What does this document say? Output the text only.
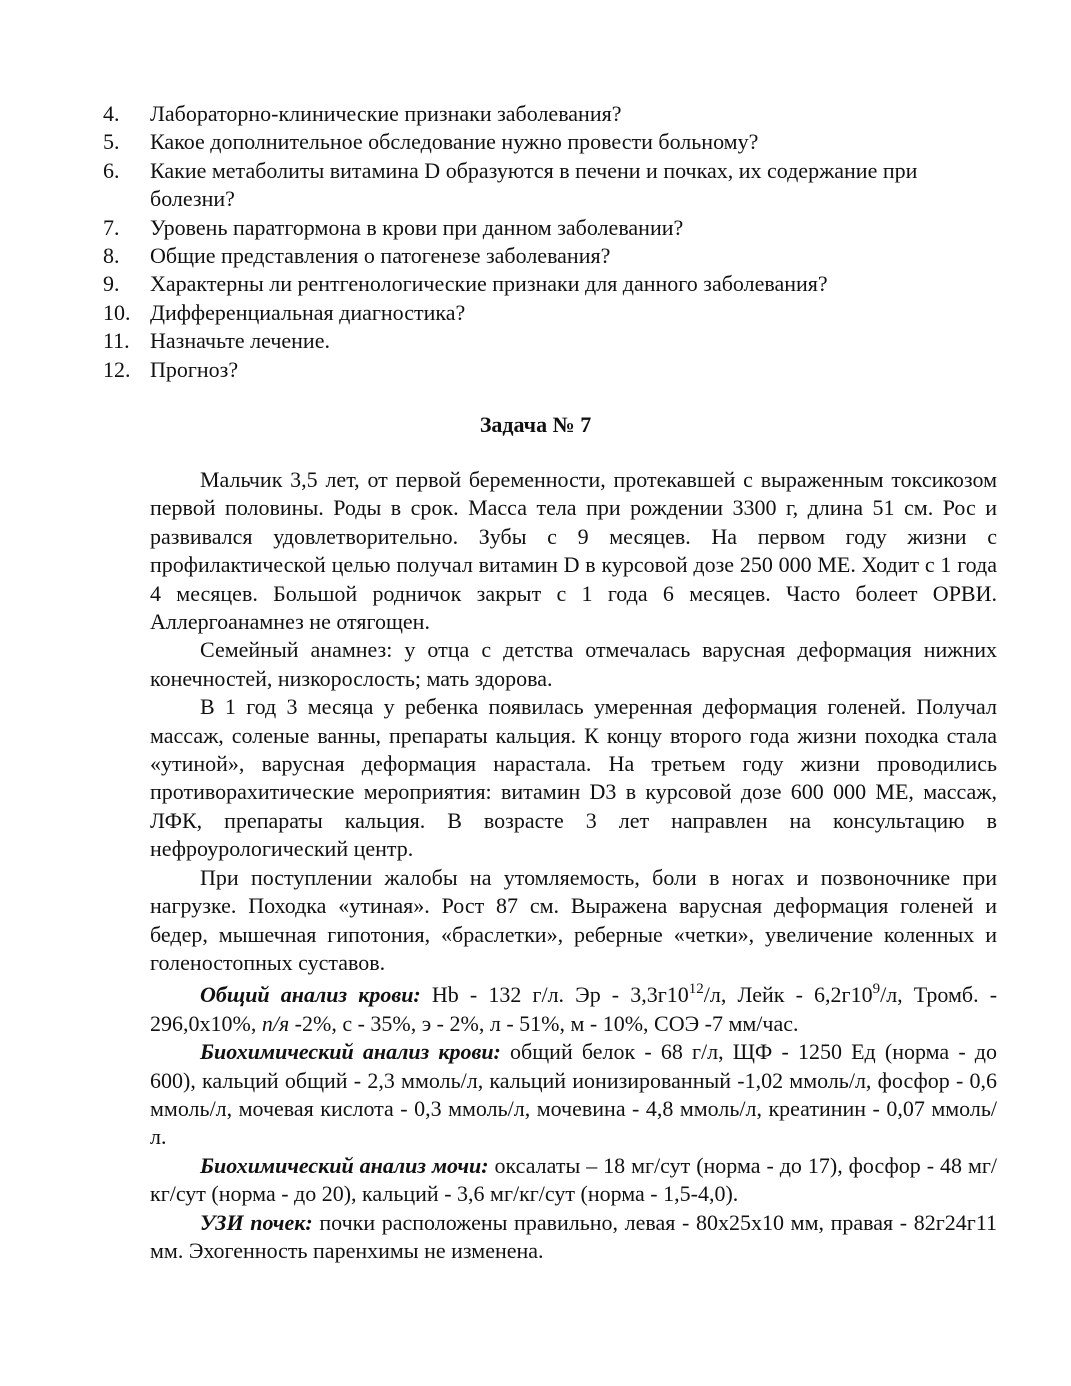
4.	Лабораторно-клинические признаки заболевания?
5.	Какое дополнительное обследование нужно провести больному?
6.	Какие метаболиты витамина D образуются в печени и почках, их содержание при болезни?
7.	Уровень паратгормона в крови при данном заболевании?
8.	Общие представления о патогенезе заболевания?
9.	Характерны ли рентгенологические признаки для данного заболевания?
10. Дифференциальная диагностика?
11. Назначьте лечение.
12. Прогноз?
Задача № 7

Мальчик 3,5 лет, от первой беременности, протекавшей с выраженным токсикозом первой половины. Роды в срок. Масса тела при рождении 3300 г, длина 51 см. Рос и развивался удовлетворительно. Зубы с 9 месяцев. На первом году жизни с профилактической целью получал витамин D в курсовой дозе 250 000 МЕ. Ходит с 1 года 4 месяцев. Большой родничок закрыт с 1 года 6 месяцев. Часто болеет ОРВИ. Аллергоанамнез не отягощен.

Семейный анамнез: у отца с детства отмечалась варусная деформация нижних конечностей, низкорослость; мать здорова.

В 1 год 3 месяца у ребенка появилась умеренная деформация голеней. Получал массаж, соленые ванны, препараты кальция. К концу второго года жизни походка стала «утиной», варусная деформация нарастала. На третьем году жизни проводились противорахитические мероприятия: витамин D3 в курсовой дозе 600 000 МЕ, массаж, ЛФК, препараты кальция. В возрасте 3 лет направлен на консультацию в нефроурологический центр.

При поступлении жалобы на утомляемость, боли в ногах и позвоночнике при нагрузке. Походка «утиная». Рост 87 см. Выражена варусная деформация голеней и бедер, мышечная гипотония, «браслетки», реберные «четки», увеличение коленных и голеностопных суставов.

Общий анализ крови: Нb - 132 г/л. Эр - $3,3г10^{12}/л$, Лейк - $6,2г10^9/л$, Тромб. - 296,0х10%, п/я -2%, с - 35%, э - 2%, л - 51%, м - 10%, СОЭ -7 мм/час.

Биохимический анализ крови: общий белок - 68 г/л, ЩФ - 1250 Ед (норма - до 600), кальций общий - 2,3 ммоль/л, кальций ионизированный -1,02 ммоль/л, фосфор - 0,6 ммоль/л, мочевая кислота - 0,3 ммоль/л, мочевина - 4,8 ммоль/л, креатинин - 0,07 ммоль/л.

Биохимический анализ мочи: оксалаты – 18 мг/сут (норма - до 17), фосфор - 48 мг/кг/сут (норма - до 20), кальций - 3,6 мг/кг/сут (норма - 1,5-4,0).

УЗИ почек: почки расположены правильно, левая - 80х25х10 мм, правая - 82г24г11 мм. Эхогенность паренхимы не изменена.
